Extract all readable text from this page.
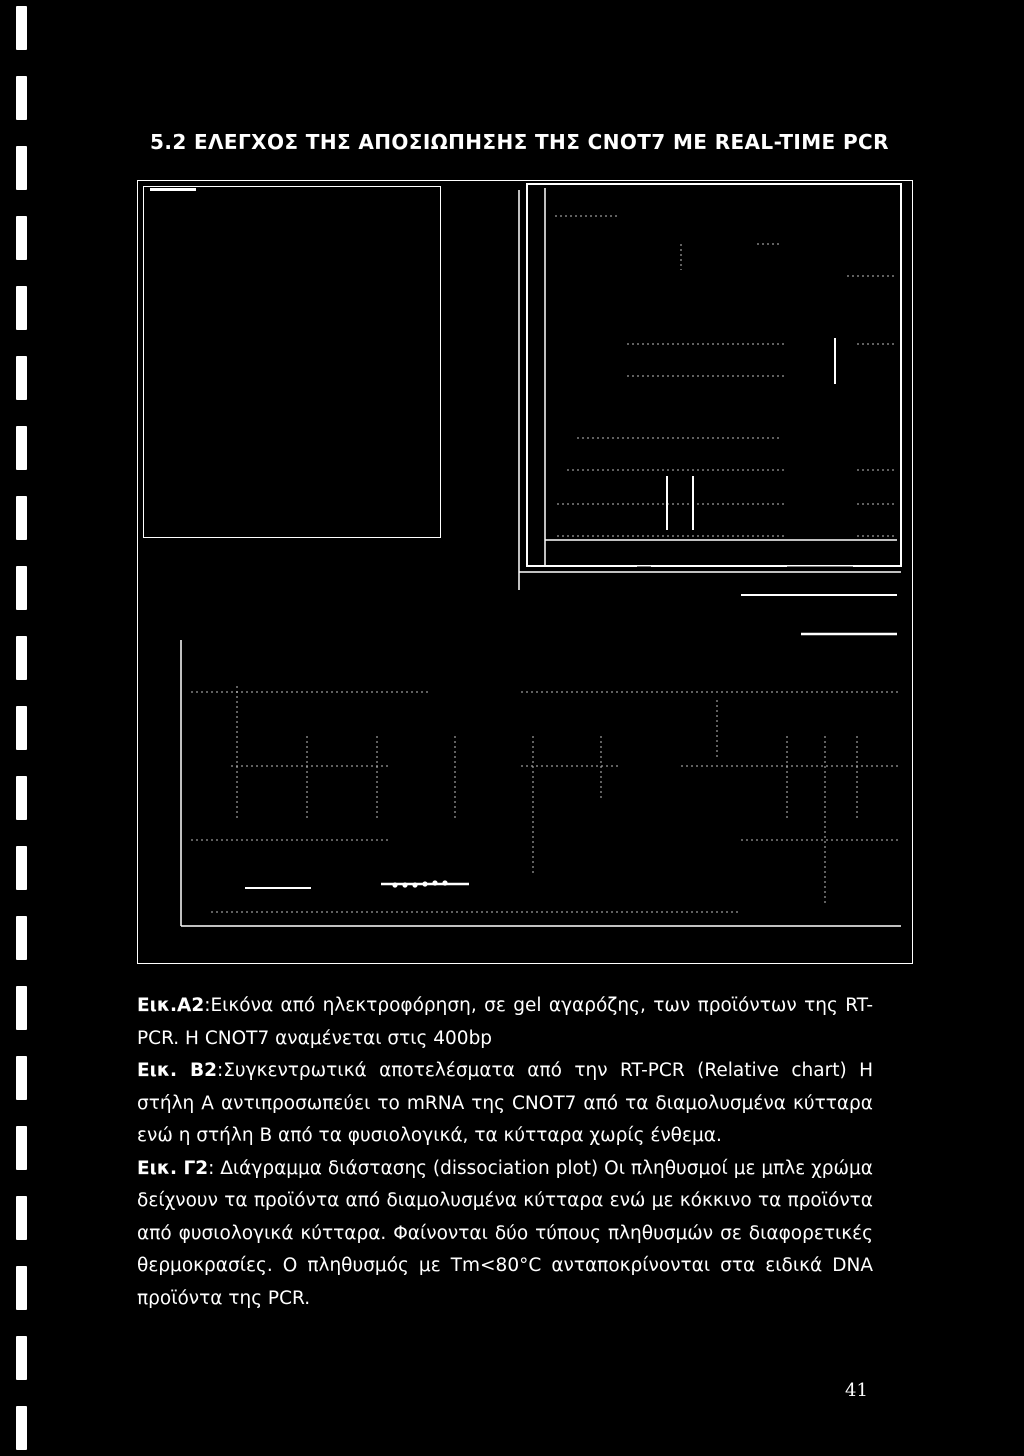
5.2 ΕΛΕΓΧΟΣ ΤΗΣ ΑΠΟΣΙΩΠΗΣΗΣ ΤΗΣ CNOT7 ΜΕ REAL-TIME PCR

Εικ.Α2:Εικόνα από ηλεκτροφόρηση, σε gel αγαρόζης, των προϊόντων της RT-PCR. Η CNOT7 αναμένεται στις 400bp

Εικ. Β2:Συγκεντρωτικά αποτελέσματα από την RT-PCR (Relative chart) Η στήλη Α αντιπροσωπεύει το mRNA της CNOT7 από τα διαμολυσμένα κύτταρα ενώ η στήλη Β από τα φυσιολογικά, τα κύτταρα χωρίς ένθεμα.

Εικ. Γ2: Διάγραμμα διάστασης (dissociation plot) Οι πληθυσμοί με μπλε χρώμα δείχνουν τα προϊόντα από διαμολυσμένα κύτταρα ενώ με κόκκινο τα προϊόντα από φυσιολογικά κύτταρα. Φαίνονται δύο τύπους πληθυσμών σε διαφορετικές θερμοκρασίες. Ο πληθυσμός με Tm<80°C ανταποκρίνονται στα ειδικά DNA προϊόντα της PCR.

41
